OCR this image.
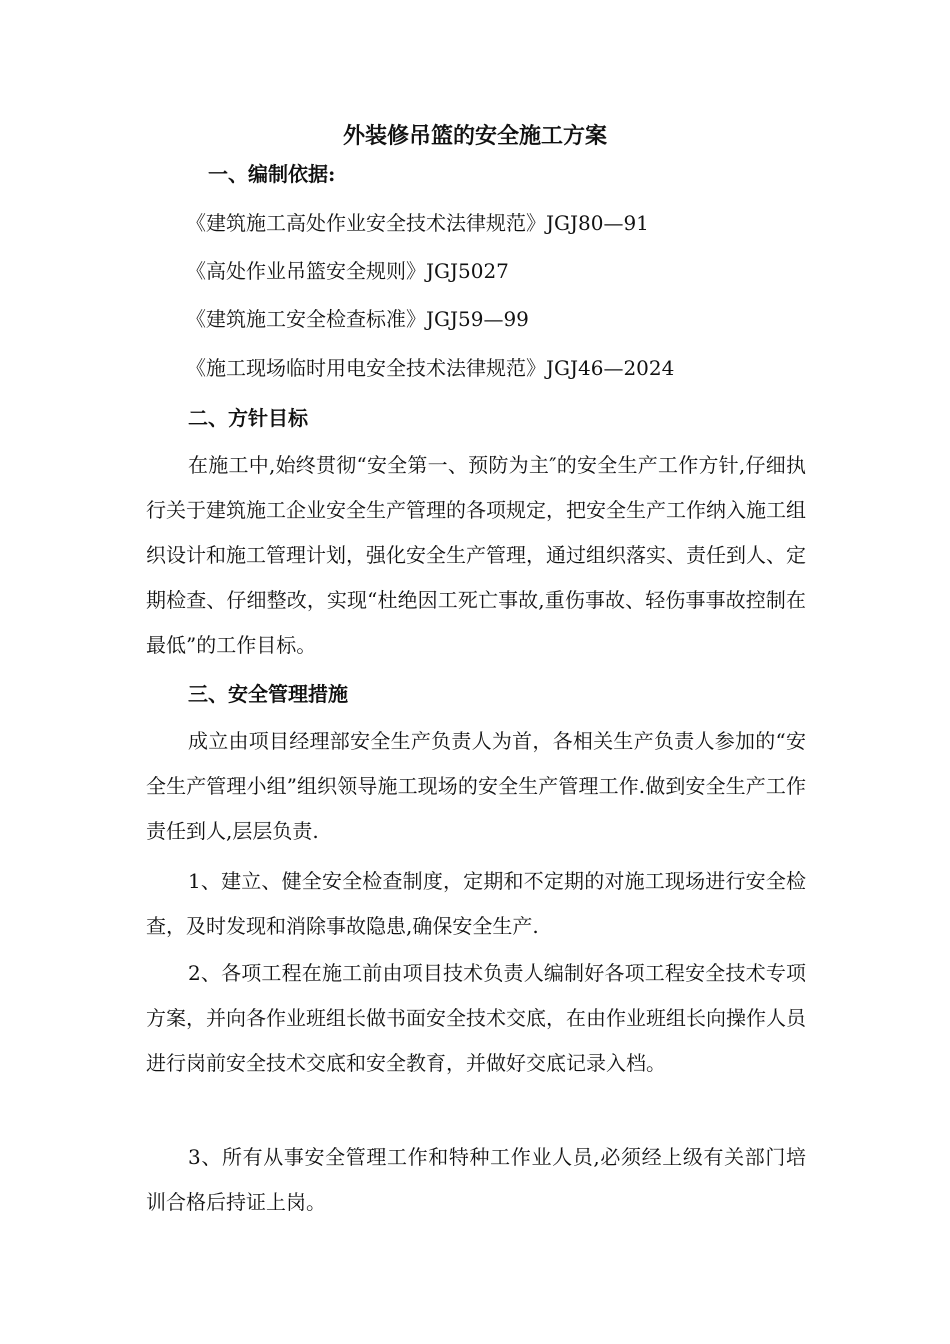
外装修吊篮的安全施工方案
一、编制依据:
《建筑施工高处作业安全技术法律规范》JGJ80—91
《高处作业吊篮安全规则》JGJ5027
《建筑施工安全检查标准》JGJ59—99
《施工现场临时用电安全技术法律规范》JGJ46—2024
二、方针目标
在施工中,始终贯彻“安全第一、预防为主″的安全生产工作方针,仔细执行关于建筑施工企业安全生产管理的各项规定，把安全生产工作纳入施工组织设计和施工管理计划，强化安全生产管理，通过组织落实、责任到人、定期检查、仔细整改，实现“杜绝因工死亡事故,重伤事故、轻伤事事故控制在最低”的工作目标。
三、安全管理措施
成立由项目经理部安全生产负责人为首，各相关生产负责人参加的“安全生产管理小组”组织领导施工现场的安全生产管理工作.做到安全生产工作责任到人,层层负责.
1、建立、健全安全检查制度，定期和不定期的对施工现场进行安全检查，及时发现和消除事故隐患,确保安全生产.
2、各项工程在施工前由项目技术负责人编制好各项工程安全技术专项方案，并向各作业班组长做书面安全技术交底，在由作业班组长向操作人员进行岗前安全技术交底和安全教育，并做好交底记录入档。
3、所有从事安全管理工作和特种工作业人员,必须经上级有关部门培训合格后持证上岗。
